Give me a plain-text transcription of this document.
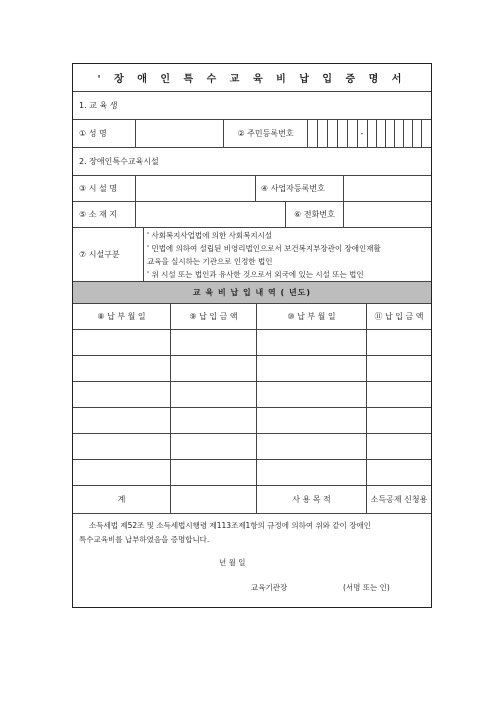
' 장 애 인 특 수 교 육 비 납 입 증 명 서
1. 교 육 생
① 성 명	② 주민등록번호	-
2. 장애인특수교육시설
③ 시 설 명	④ 사업자등록번호
⑤ 소 재 지	⑥ 전화번호
⑦ 시설구분
' 사회복지사업법에 의한 사회복지시설
' 민법에 의하여 설립된 비영리법인으로서 보건복지부장관이 장애인재활
교육을 실시하는 기관으로 인정한 법인
' 위 시설 또는 법인과 유사한 것으로서 외국에 있는 시설 또는 법인
교 육 비 납 입 내 역 ( 년도)
⑧ 납 부 월 일	⑨ 납 입 금 액	⑩ 납 부 월 일	⑪ 납 입 금 액
계	사 용 목 적	소득공제 신청용
소득세법 제52조 및 소득세법시행령 제113조제1항의 규정에 의하여 위와 같이 장애인
특수교육비를 납부하였음을 증명합니다.
년 월 일
교육기관장	(서명 또는 인)
